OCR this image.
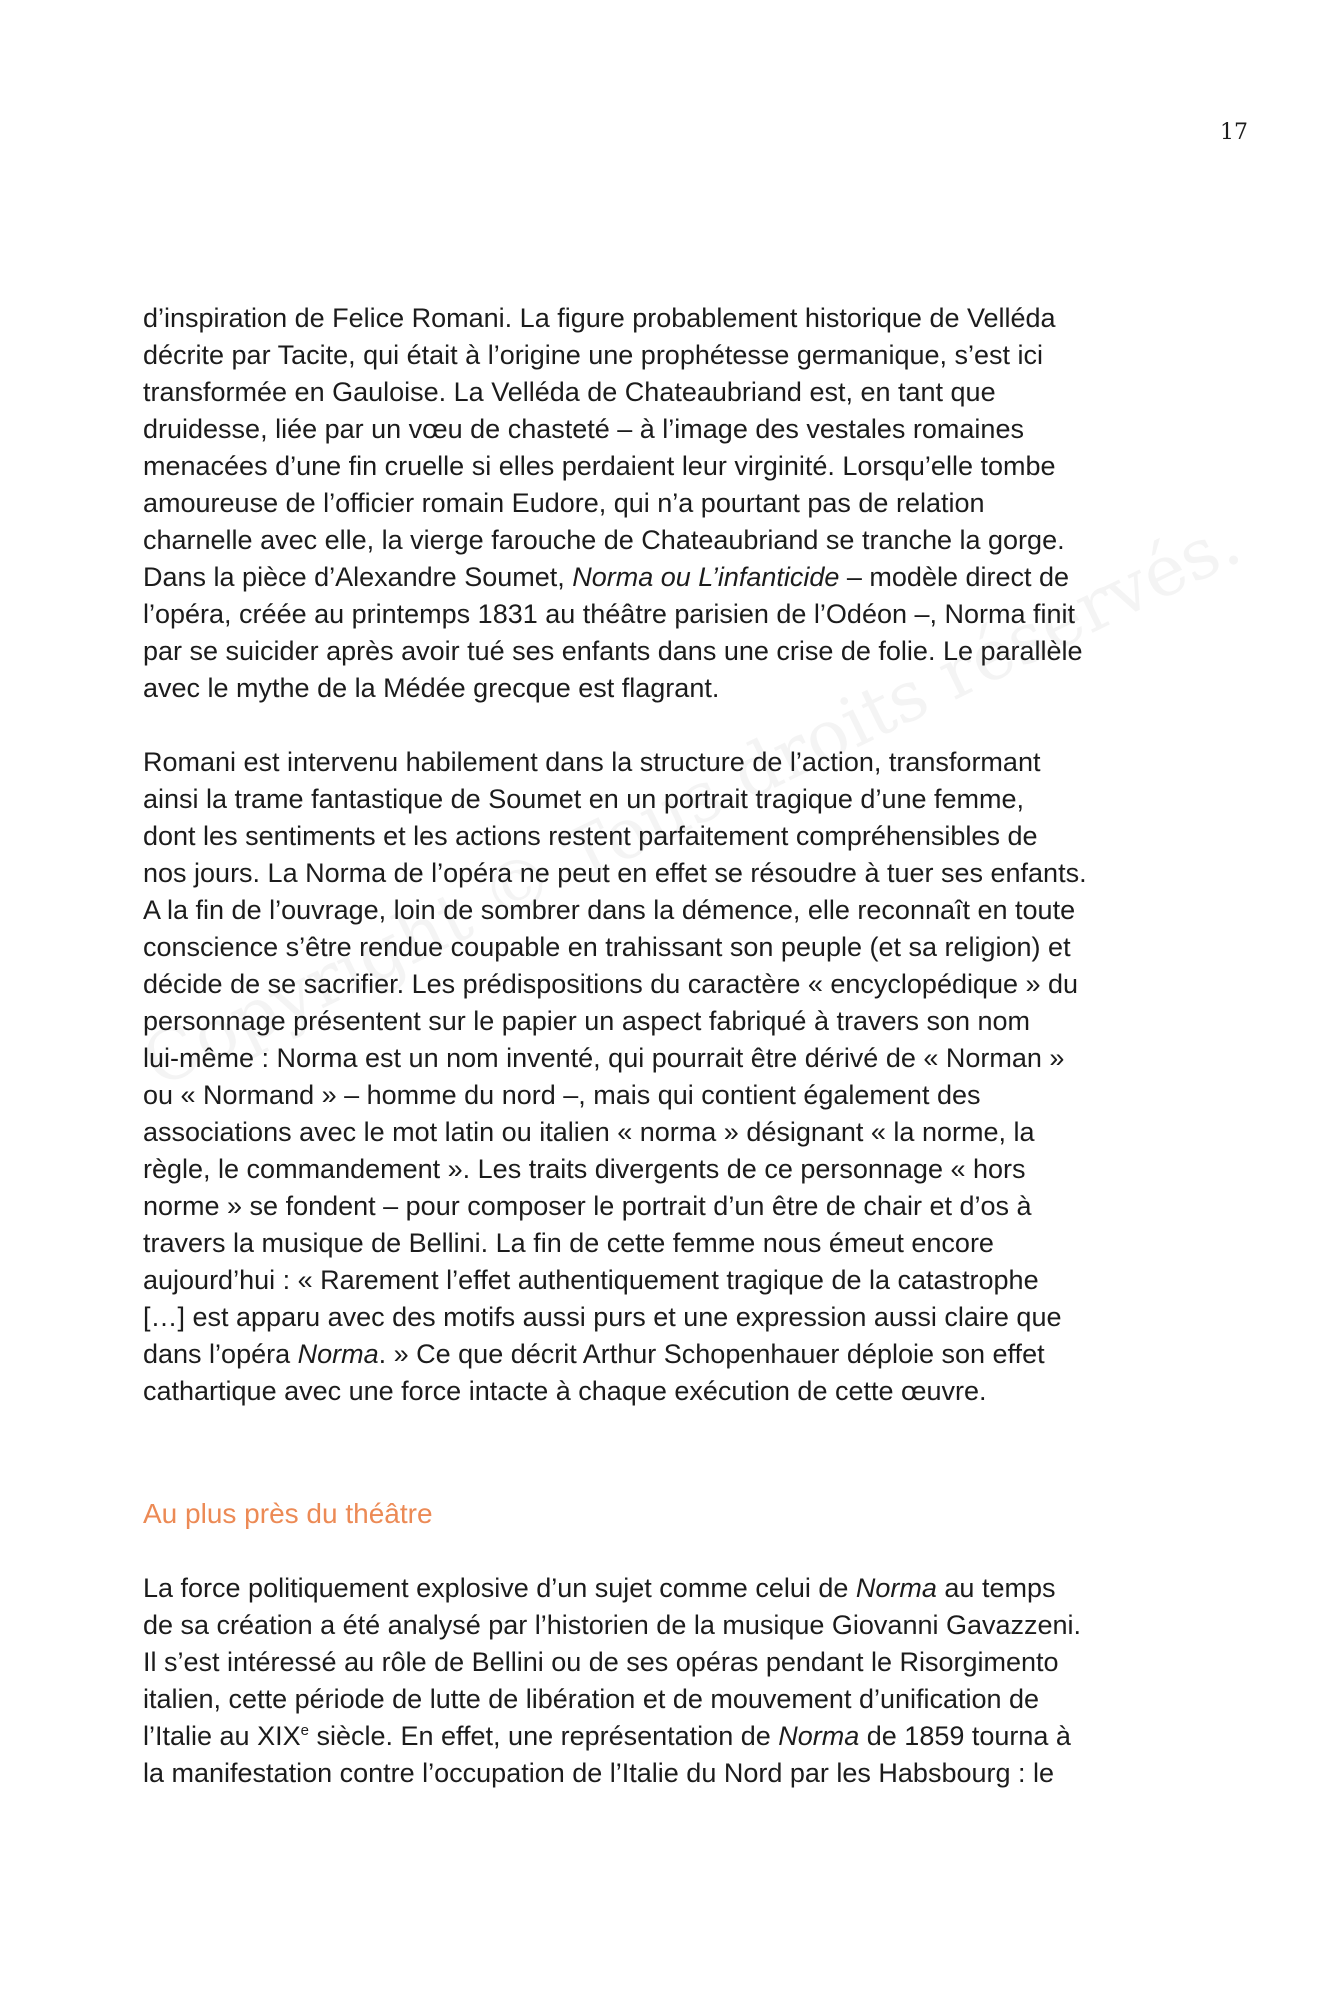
17

d’inspiration de Felice Romani. La figure probablement historique de Velléda
décrite par Tacite, qui était à l’origine une prophétesse germanique, s’est ici
transformée en Gauloise. La Velléda de Chateaubriand est, en tant que
druidesse, liée par un vœu de chasteté – à l’image des vestales romaines
menacées d’une fin cruelle si elles perdaient leur virginité. Lorsqu’elle tombe
amoureuse de l’officier romain Eudore, qui n’a pourtant pas de relation
charnelle avec elle, la vierge farouche de Chateaubriand se tranche la gorge.
Dans la pièce d’Alexandre Soumet, Norma ou L’infanticide – modèle direct de
l’opéra, créée au printemps 1831 au théâtre parisien de l’Odéon –, Norma finit
par se suicider après avoir tué ses enfants dans une crise de folie. Le parallèle
avec le mythe de la Médée grecque est flagrant.

Romani est intervenu habilement dans la structure de l’action, transformant
ainsi la trame fantastique de Soumet en un portrait tragique d’une femme,
dont les sentiments et les actions restent parfaitement compréhensibles de
nos jours. La Norma de l’opéra ne peut en effet se résoudre à tuer ses enfants.
A la fin de l’ouvrage, loin de sombrer dans la démence, elle reconnaît en toute
conscience s’être rendue coupable en trahissant son peuple (et sa religion) et
décide de se sacrifier. Les prédispositions du caractère « encyclopédique » du
personnage présentent sur le papier un aspect fabriqué à travers son nom
lui-même : Norma est un nom inventé, qui pourrait être dérivé de « Norman »
ou « Normand » – homme du nord –, mais qui contient également des
associations avec le mot latin ou italien « norma » désignant « la norme, la
règle, le commandement ». Les traits divergents de ce personnage « hors
norme » se fondent – pour composer le portrait d’un être de chair et d’os à
travers la musique de Bellini. La fin de cette femme nous émeut encore
aujourd’hui : « Rarement l’effet authentiquement tragique de la catastrophe
[…] est apparu avec des motifs aussi purs et une expression aussi claire que
dans l’opéra Norma. » Ce que décrit Arthur Schopenhauer déploie son effet
cathartique avec une force intacte à chaque exécution de cette œuvre.

Au plus près du théâtre

La force politiquement explosive d’un sujet comme celui de Norma au temps
de sa création a été analysé par l’historien de la musique Giovanni Gavazzeni.
Il s’est intéressé au rôle de Bellini ou de ses opéras pendant le Risorgimento
italien, cette période de lutte de libération et de mouvement d’unification de
l’Italie au XIXe siècle. En effet, une représentation de Norma de 1859 tourna à
la manifestation contre l’occupation de l’Italie du Nord par les Habsbourg : le
